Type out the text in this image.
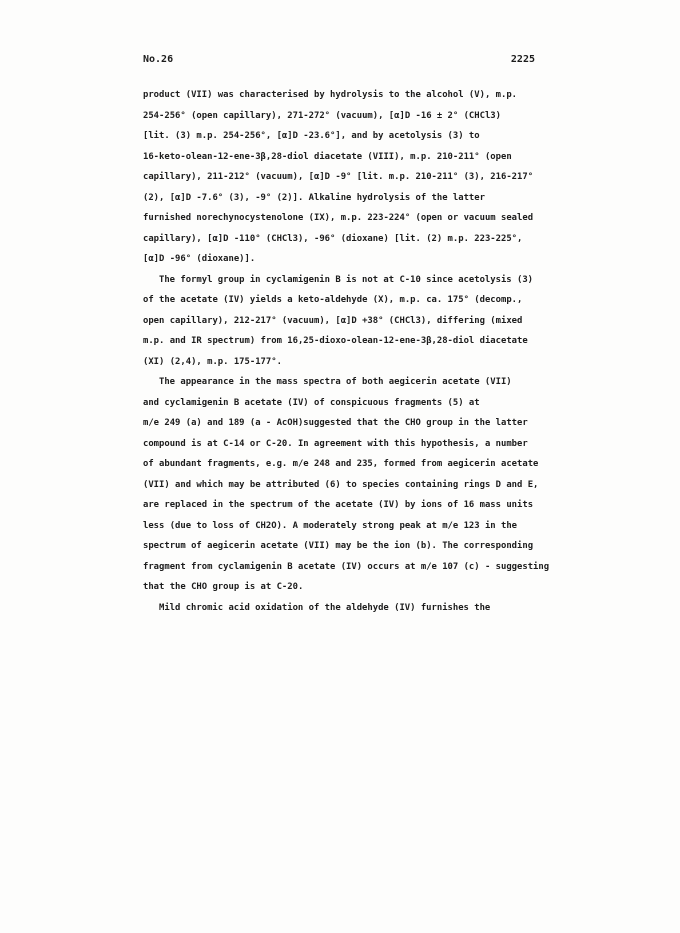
No.26	2225
product (VII) was characterised by hydrolysis to the alcohol (V), m.p.
254-256° (open capillary), 271-272° (vacuum), [α]D -16 ± 2° (CHCl3)
[lit. (3) m.p. 254-256°, [α]D -23.6°], and by acetolysis (3) to
16-keto-olean-12-ene-3β,28-diol diacetate (VIII), m.p. 210-211° (open
capillary), 211-212° (vacuum), [α]D -9° [lit. m.p. 210-211° (3), 216-217°
(2), [α]D -7.6° (3), -9° (2)]. Alkaline hydrolysis of the latter
furnished norechynocystenolone (IX), m.p. 223-224° (open or vacuum sealed
capillary), [α]D -110° (CHCl3), -96° (dioxane) [lit. (2) m.p. 223-225°,
[α]D -96° (dioxane)].
The formyl group in cyclamigenin B is not at C-10 since acetolysis (3)
of the acetate (IV) yields a keto-aldehyde (X), m.p. ca. 175° (decomp.,
open capillary), 212-217° (vacuum), [α]D +38° (CHCl3), differing (mixed
m.p. and IR spectrum) from 16,25-dioxo-olean-12-ene-3β,28-diol diacetate
(XI) (2,4), m.p. 175-177°.
The appearance in the mass spectra of both aegicerin acetate (VII)
and cyclamigenin B acetate (IV) of conspicuous fragments (5) at
m/e 249 (a) and 189 (a - AcOH)suggested that the CHO group in the latter
compound is at C-14 or C-20. In agreement with this hypothesis, a number
of abundant fragments, e.g. m/e 248 and 235, formed from aegicerin acetate
(VII) and which may be attributed (6) to species containing rings D and E,
are replaced in the spectrum of the acetate (IV) by ions of 16 mass units
less (due to loss of CH2O). A moderately strong peak at m/e 123 in the
spectrum of aegicerin acetate (VII) may be the ion (b). The corresponding
fragment from cyclamigenin B acetate (IV) occurs at m/e 107 (c) - suggesting
that the CHO group is at C-20.
Mild chromic acid oxidation of the aldehyde (IV) furnishes the
